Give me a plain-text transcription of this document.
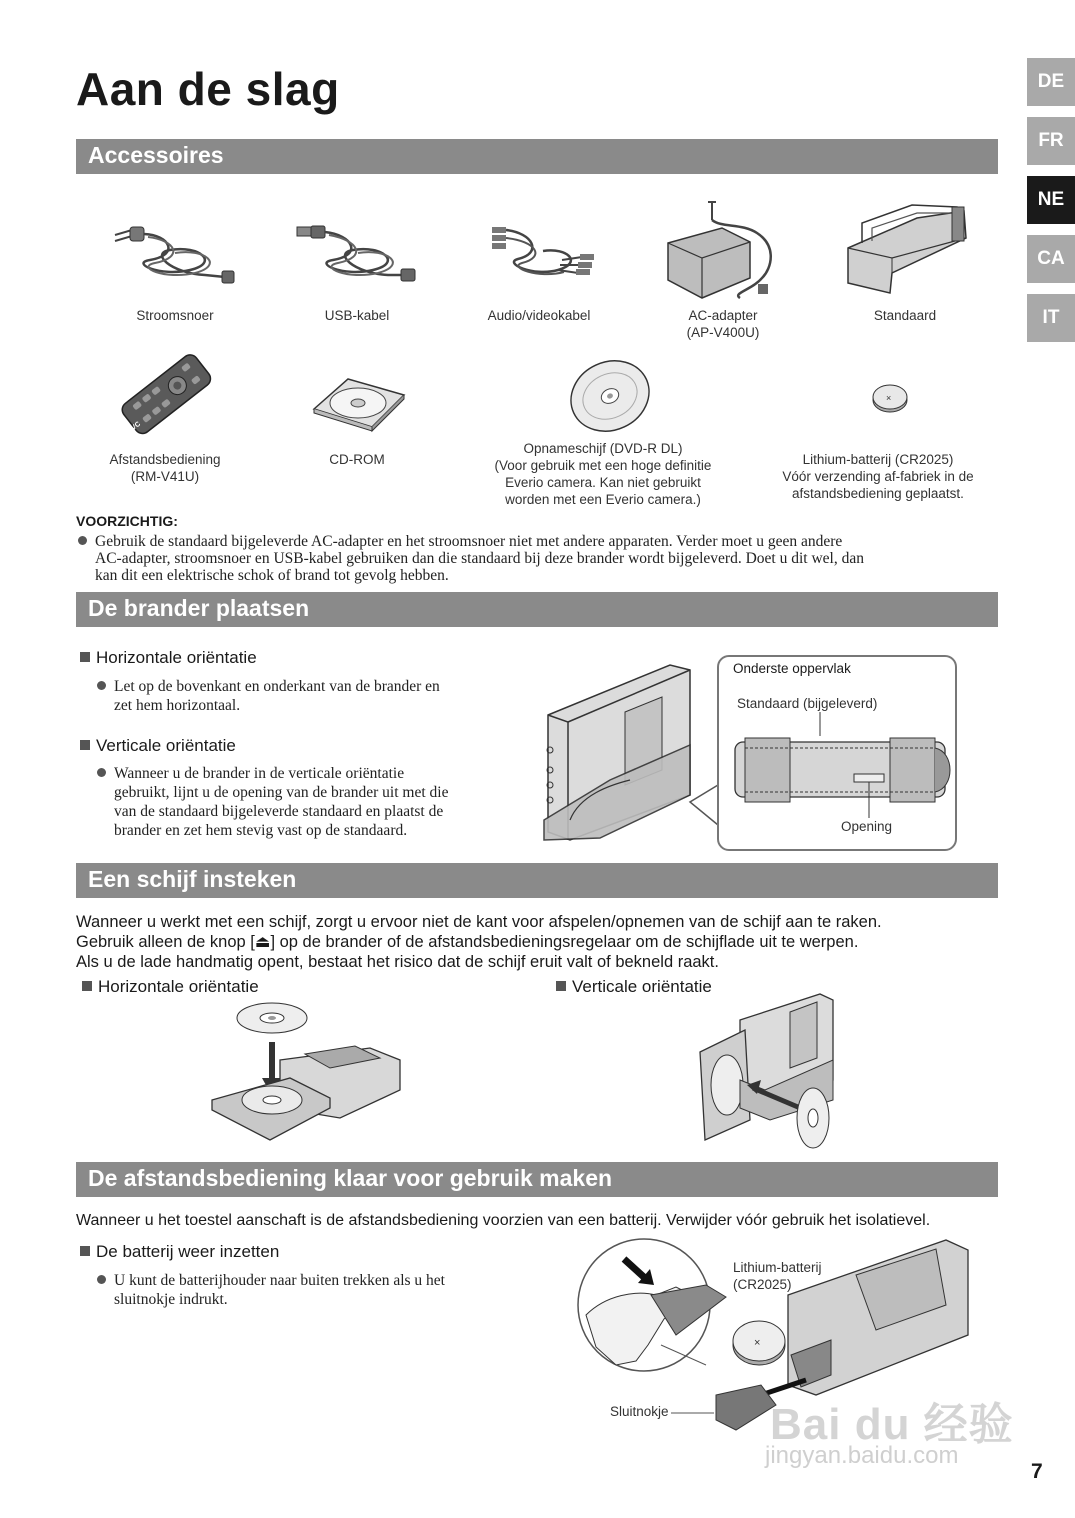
Aan de slag	DE
FR
NE
CA
IT
Accessoires
Stroomsnoer	USB-kabel	Audio/videokabel	AC-adapter
(AP-V400U)
Standaard
JVC
×
Afstandsbediening
(RM-V41U)
CD-ROM
Opnameschijf (DVD-R DL)
(Voor gebruik met een hoge definitie
Everio camera. Kan niet gebruikt
worden met een Everio camera.)
Lithium-batterij (CR2025)
Vóór verzending af-fabriek in de
afstandsbediening geplaatst.
VOORZICHTIG:
Gebruik de standaard bijgeleverde AC-adapter en het stroomsnoer niet met andere apparaten. Verder moet u geen andere
AC-adapter, stroomsnoer en USB-kabel gebruiken dan die standaard bij deze brander wordt bijgeleverd. Doet u dit wel, dan
kan dit een elektrische schok of brand tot gevolg hebben.
De brander plaatsen
Horizontale oriëntatie
Let op de bovenkant en onderkant van de brander en
zet hem horizontaal.
Verticale oriëntatie
Wanneer u de brander in de verticale oriëntatie
gebruikt, lijnt u de opening van de brander uit met die
van de standaard bijgeleverde standaard en plaatst de
brander en zet hem stevig vast op de standaard.
Onderste oppervlak
Standaard (bijgeleverd)
Opening
Een schijf insteken
Wanneer u werkt met een schijf, zorgt u ervoor niet de kant voor afspelen/opnemen van de schijf aan te raken.
Gebruik alleen de knop [⏏] op de brander of de afstandsbedieningsregelaar om de schijflade uit te werpen.
Als u de lade handmatig opent, bestaat het risico dat de schijf eruit valt of bekneld raakt.
Horizontale oriëntatie	Verticale oriëntatie
De afstandsbediening klaar voor gebruik maken
Wanneer u het toestel aanschaft is de afstandsbediening voorzien van een batterij. Verwijder vóór gebruik het isolatievel.
De batterij weer inzetten
U kunt de batterijhouder naar buiten trekken als u het
sluitnokje indrukt.
×
Lithium-batterij
(CR2025)
Sluitnokje Bai du 经验
jingyan.baidu.com
7
